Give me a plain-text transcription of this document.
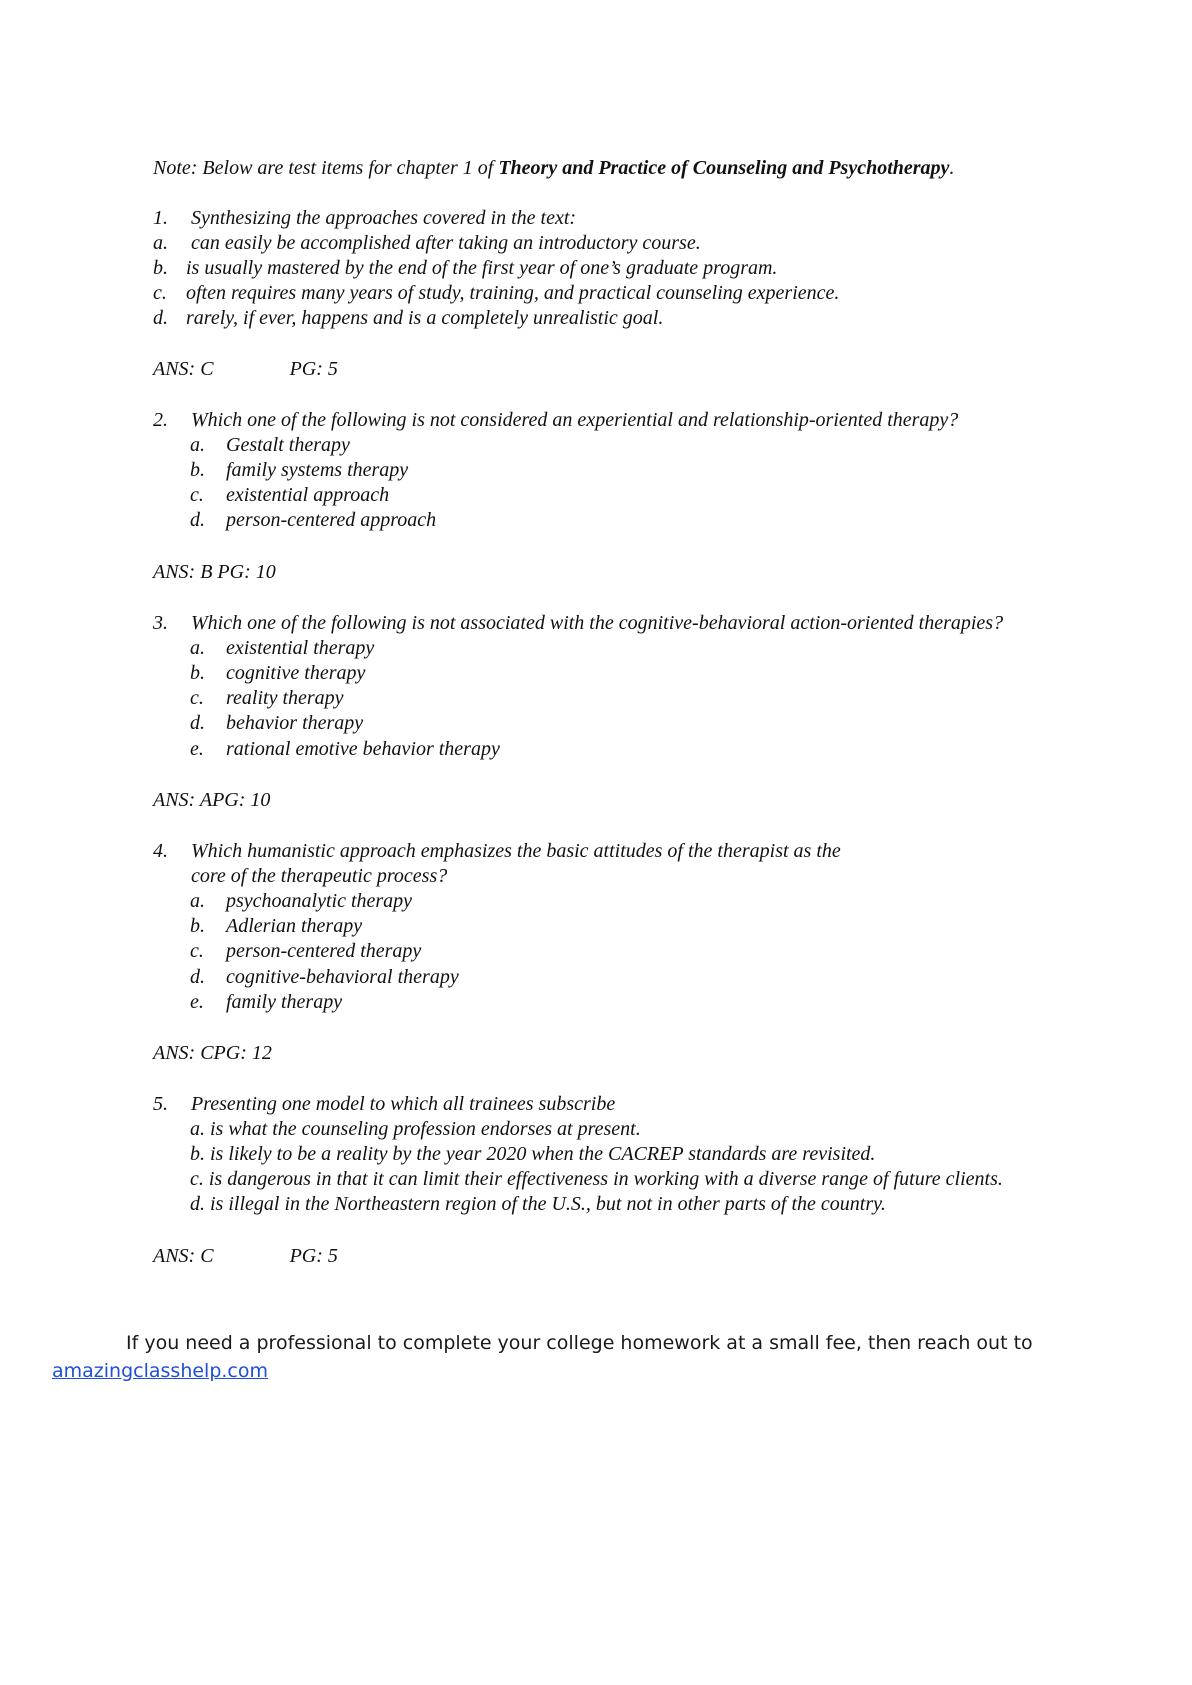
Note: Below are test items for chapter 1 of Theory and Practice of Counseling and Psychotherapy.
1. Synthesizing the approaches covered in the text:
a. can easily be accomplished after taking an introductory course.
b. is usually mastered by the end of the first year of one’s graduate program.
c. often requires many years of study, training, and practical counseling experience.
d. rarely, if ever, happens and is a completely unrealistic goal.
ANS: C	PG: 5
2. Which one of the following is not considered an experiential and relationship-oriented therapy?
a. Gestalt therapy
b. family systems therapy
c. existential approach
d. person-centered approach
ANS: B PG: 10
3. Which one of the following is not associated with the cognitive-behavioral action-oriented therapies?
a. existential therapy
b. cognitive therapy
c. reality therapy
d. behavior therapy
e. rational emotive behavior therapy
ANS: APG: 10
4. Which humanistic approach emphasizes the basic attitudes of the therapist as the
core of the therapeutic process?
a. psychoanalytic therapy
b. Adlerian therapy
c. person-centered therapy
d. cognitive-behavioral therapy
e. family therapy
ANS: CPG: 12
5. Presenting one model to which all trainees subscribe
a. is what the counseling profession endorses at present.
b. is likely to be a reality by the year 2020 when the CACREP standards are revisited.
c. is dangerous in that it can limit their effectiveness in working with a diverse range of future clients.
d. is illegal in the Northeastern region of the U.S., but not in other parts of the country.
ANS: C	PG: 5
If you need a professional to complete your college homework at a small fee, then reach out to
amazingclasshelp.com
